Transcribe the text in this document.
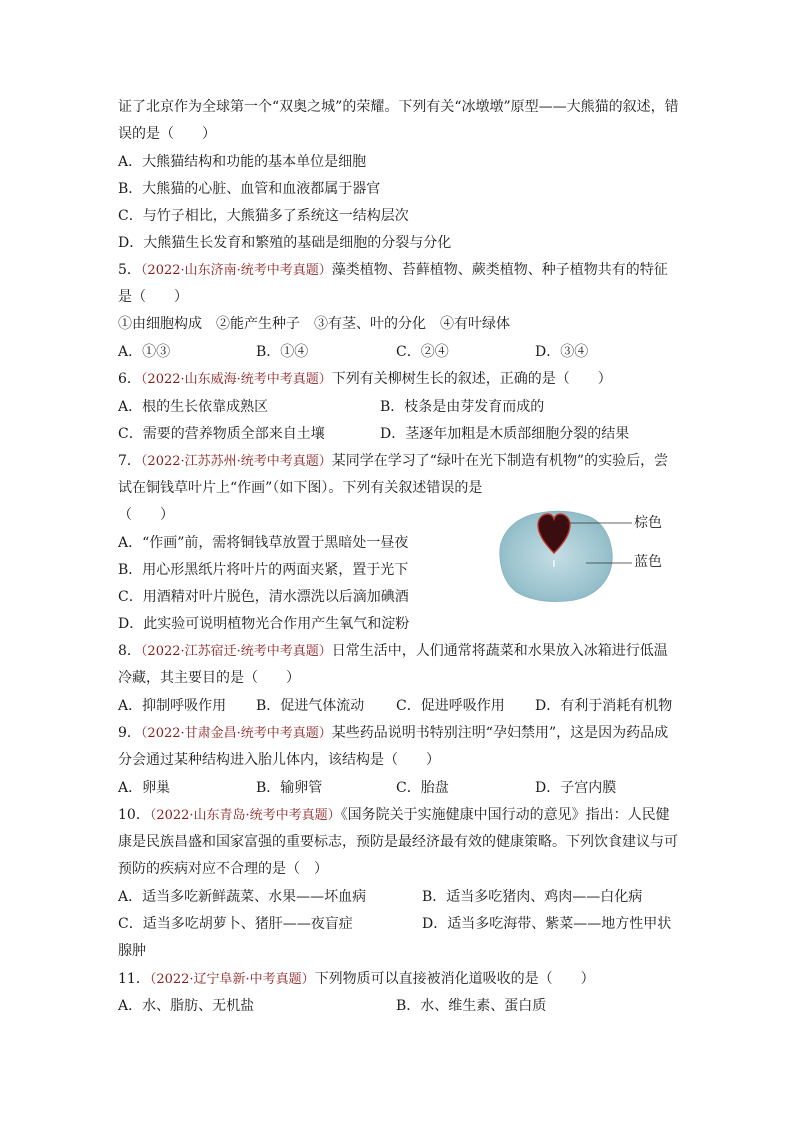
证了北京作为全球第一个“双奥之城”的荣耀。下列有关“冰墩墩”原型——大熊猫的叙述，错
误的是（　　）
A．大熊猫结构和功能的基本单位是细胞
B．大熊猫的心脏、血管和血液都属于器官
C．与竹子相比，大熊猫多了系统这一结构层次
D．大熊猫生长发育和繁殖的基础是细胞的分裂与分化
5．（2022·山东济南·统考中考真题）藻类植物、苔藓植物、蕨类植物、种子植物共有的特征
是（　　）
①由细胞构成　②能产生种子　③有茎、叶的分化　④有叶绿体
A．①③	B．①④	C．②④	D．③④
6．（2022·山东威海·统考中考真题）下列有关柳树生长的叙述，正确的是（　　）
A．根的生长依靠成熟区	B．枝条是由芽发育而成的
C．需要的营养物质全部来自土壤	D．茎逐年加粗是木质部细胞分裂的结果
7．（2022·江苏苏州·统考中考真题）某同学在学习了“绿叶在光下制造有机物”的实验后，尝
试在铜钱草叶片上“作画”（如下图）。下列有关叙述错误的是
（　　）
A．“作画”前，需将铜钱草放置于黑暗处一昼夜
B．用心形黑纸片将叶片的两面夹紧，置于光下
C．用酒精对叶片脱色，清水漂洗以后滴加碘酒
D．此实验可说明植物光合作用产生氧气和淀粉
棕色
蓝色
8．（2022·江苏宿迁·统考中考真题）日常生活中，人们通常将蔬菜和水果放入冰箱进行低温
冷藏，其主要目的是（　　）
A．抑制呼吸作用 B．促进气体流动 C．促进呼吸作用 D．有利于消耗有机物
9．（2022·甘肃金昌·统考中考真题）某些药品说明书特别注明“孕妇禁用”，这是因为药品成
分会通过某种结构进入胎儿体内，该结构是（　　）
A．卵巢	B．输卵管	C．胎盘	D．子宫内膜
10．（2022·山东青岛·统考中考真题）《国务院关于实施健康中国行动的意见》指出：人民健
康是民族昌盛和国家富强的重要标志，预防是最经济最有效的健康策略。下列饮食建议与可
预防的疾病对应不合理的是（　）
A．适当多吃新鲜蔬菜、水果——坏血病	B．适当多吃猪肉、鸡肉——白化病
C．适当多吃胡萝卜、猪肝——夜盲症	D．适当多吃海带、紫菜——地方性甲状
腺肿
11．（2022·辽宁阜新·中考真题）下列物质可以直接被消化道吸收的是（　　）
A．水、脂肪、无机盐	B．水、维生素、蛋白质
